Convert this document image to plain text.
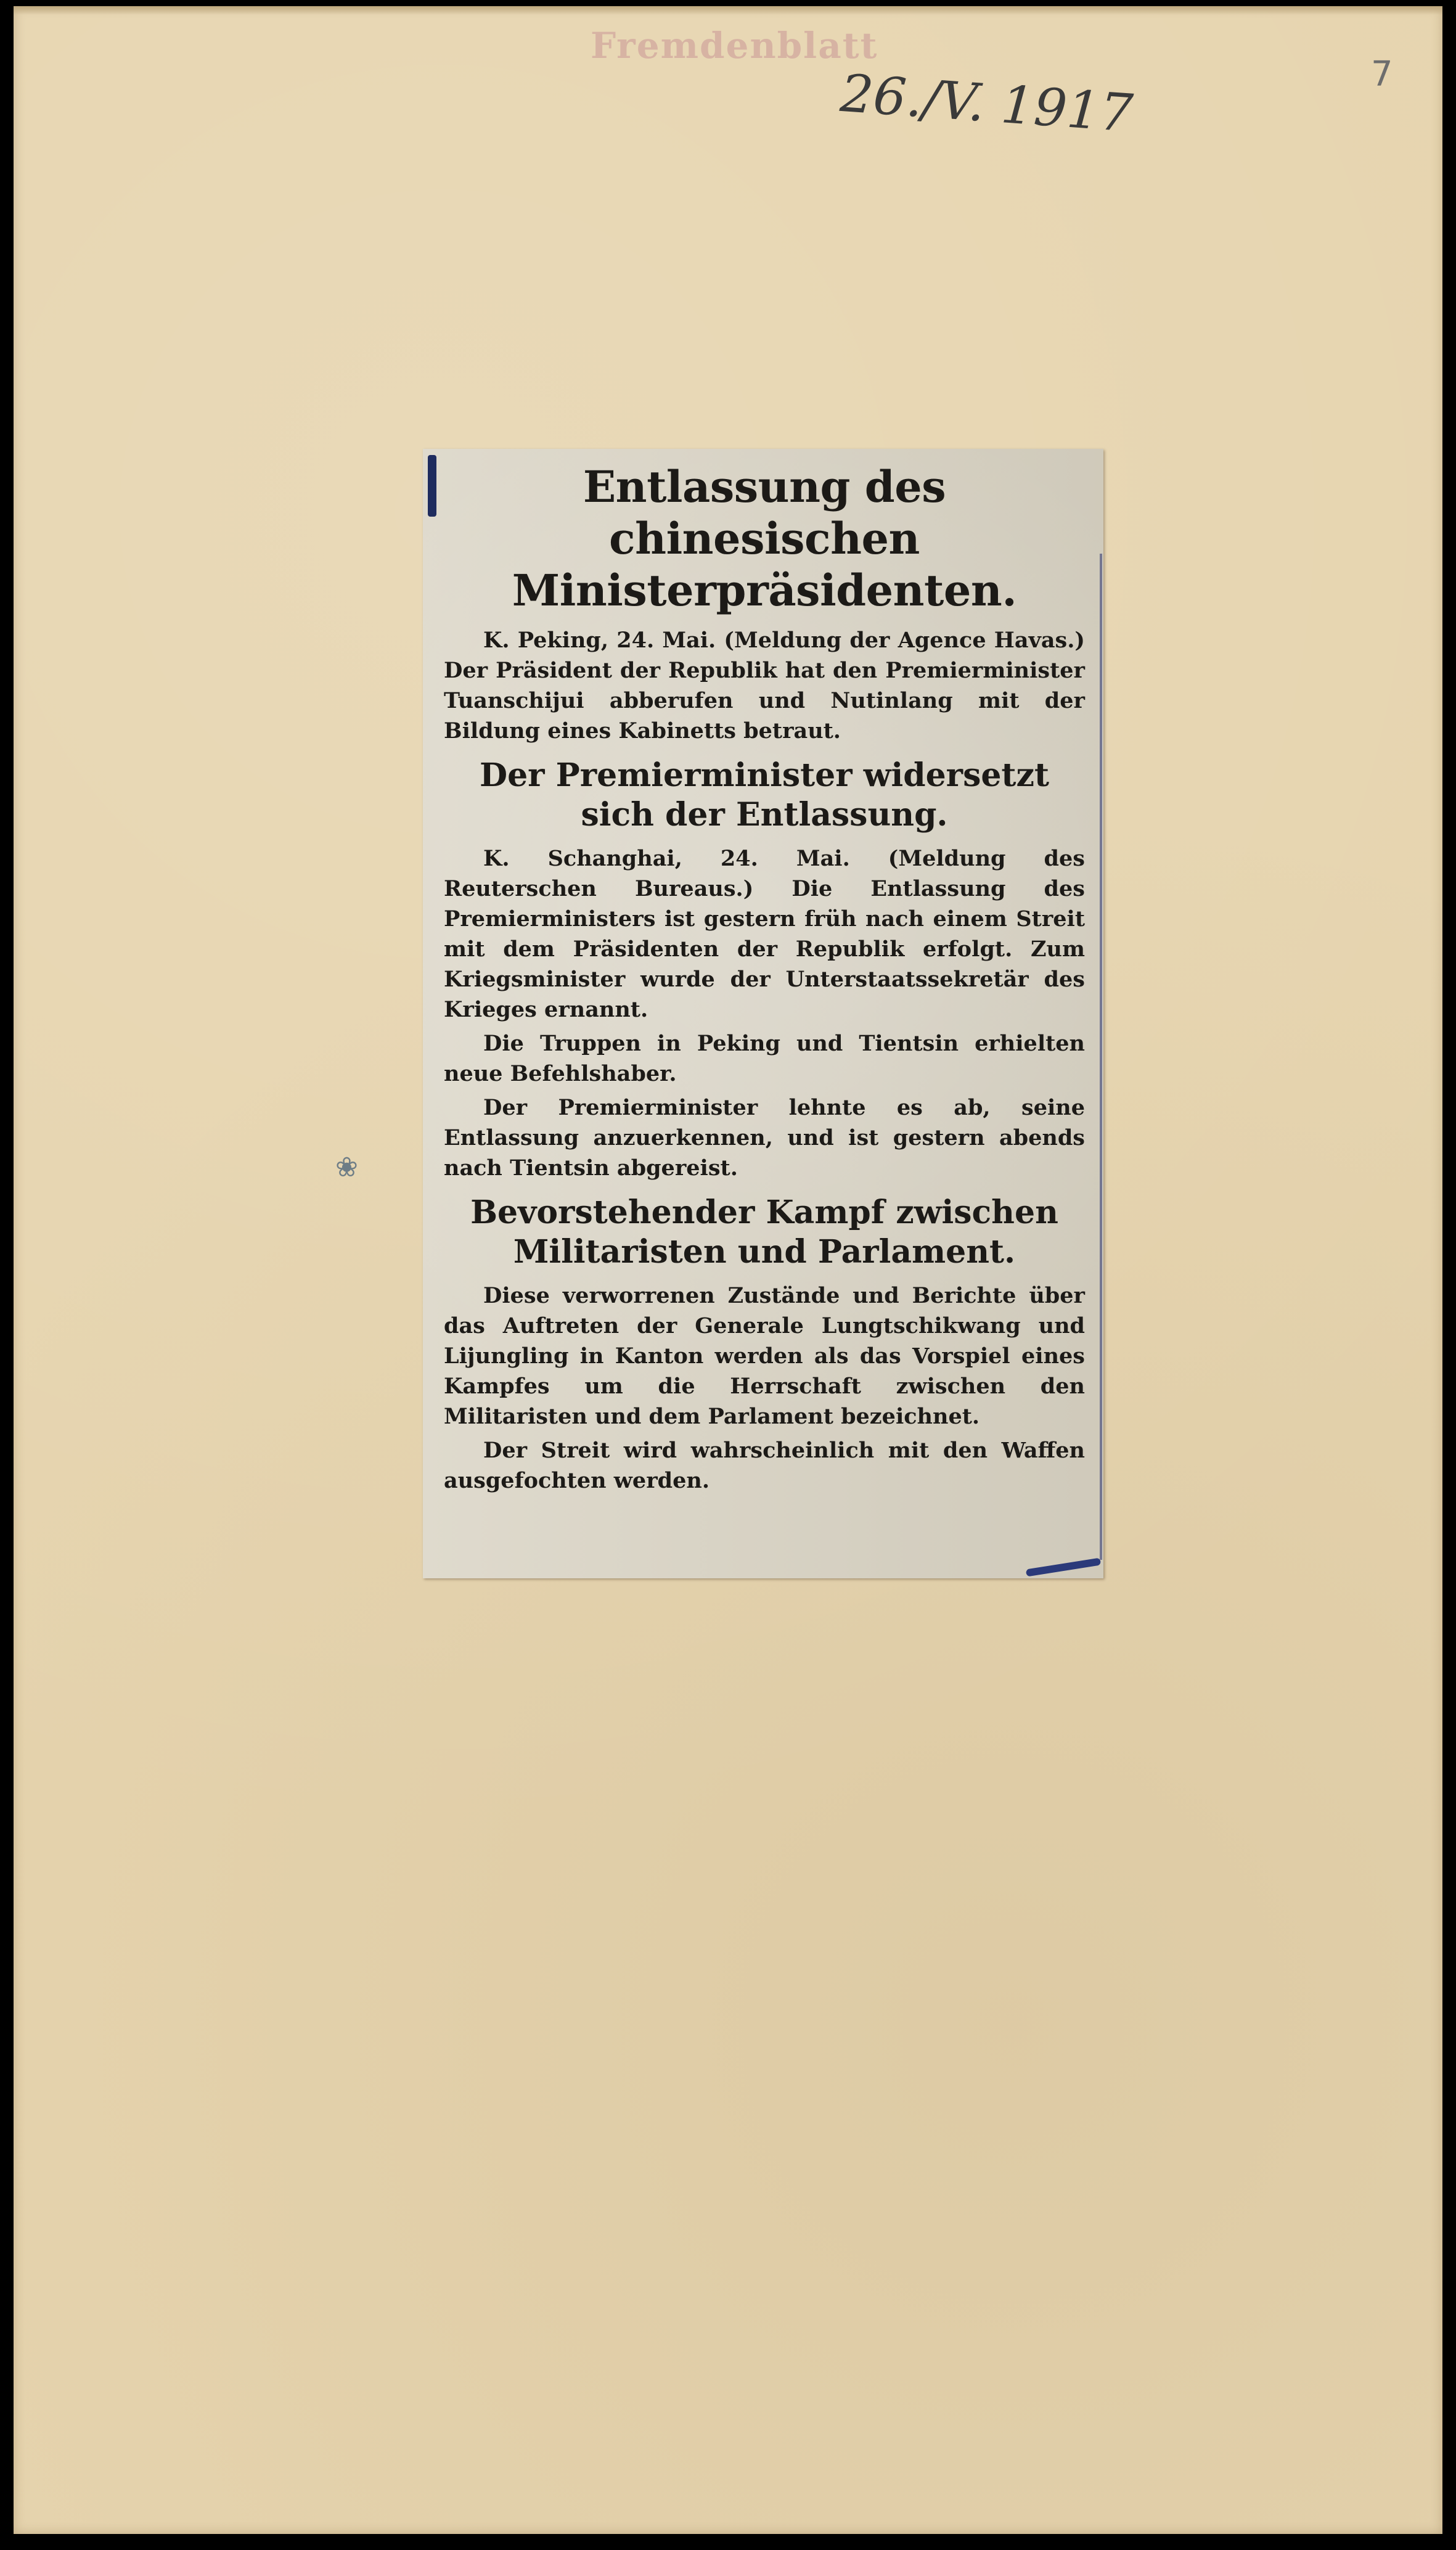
Fremdenblatt
26./V. 1917	7
❀
Entlassung des chinesischen Ministerpräsidenten.

K. Peking, 24. Mai. (Meldung der Agence Havas.) Der Präsident der Republik hat den Premierminister Tuanschijui abberufen und Nutinlang mit der Bildung eines Kabinetts betraut.

Der Premierminister widersetzt sich der Entlassung.

K. Schanghai, 24. Mai. (Meldung des Reuterschen Bureaus.) Die Entlassung des Premierministers ist gestern früh nach einem Streit mit dem Präsidenten der Republik erfolgt. Zum Kriegsminister wurde der Unterstaatssekretär des Krieges ernannt.

Die Truppen in Peking und Tientsin erhielten neue Befehlshaber.

Der Premierminister lehnte es ab, seine Entlassung anzuerkennen, und ist gestern abends nach Tientsin abgereist.

Bevorstehender Kampf zwischen Militaristen und Parlament.

Diese verworrenen Zustände und Berichte über das Auftreten der Generale Lungtschikwang und Lijungling in Kanton werden als das Vorspiel eines Kampfes um die Herrschaft zwischen den Militaristen und dem Parlament bezeichnet.

Der Streit wird wahrscheinlich mit den Waffen ausgefochten werden.
